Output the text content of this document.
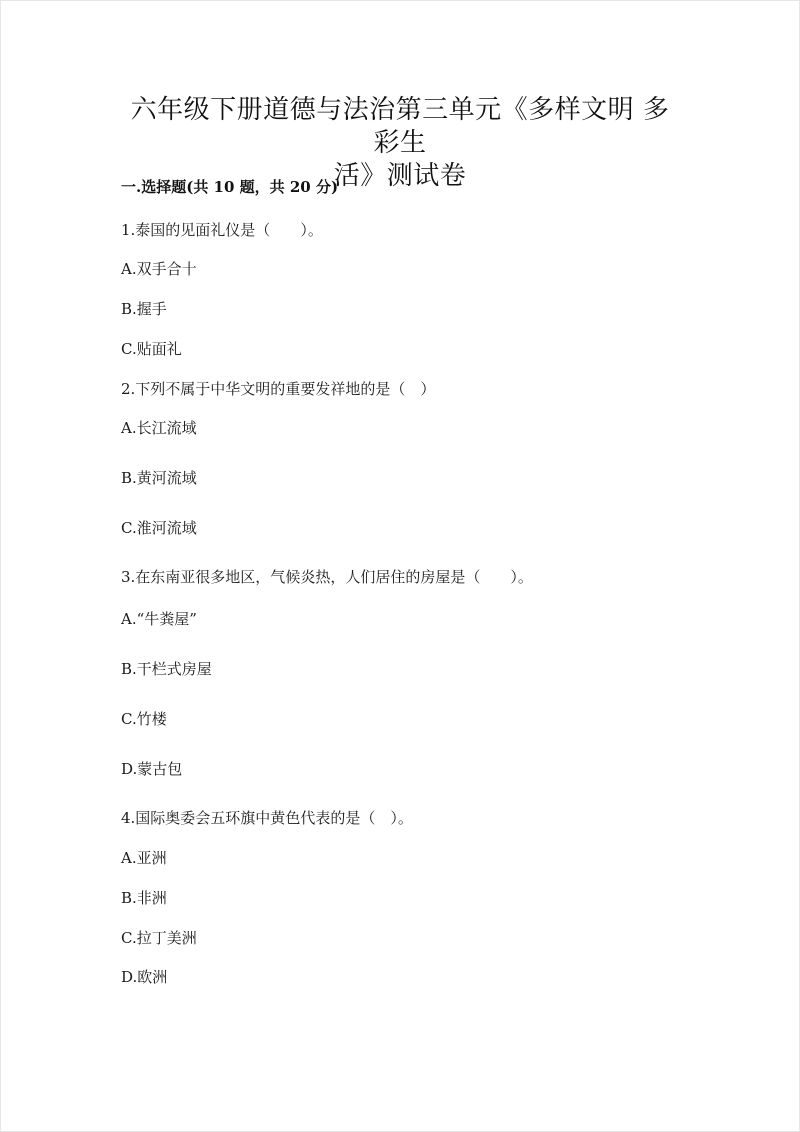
六年级下册道德与法治第三单元《多样文明 多彩生
活》测试卷
一.选择题(共 10 题，共 20 分)
1.泰国的见面礼仪是（　　）。
A.双手合十
B.握手
C.贴面礼
2.下列不属于中华文明的重要发祥地的是（　）
A.长江流域
B.黄河流域
C.淮河流域
3.在东南亚很多地区，气候炎热，人们居住的房屋是（　　）。
A.“牛粪屋”
B.干栏式房屋
C.竹楼
D.蒙古包
4.国际奥委会五环旗中黄色代表的是（　）。
A.亚洲
B.非洲
C.拉丁美洲
D.欧洲
